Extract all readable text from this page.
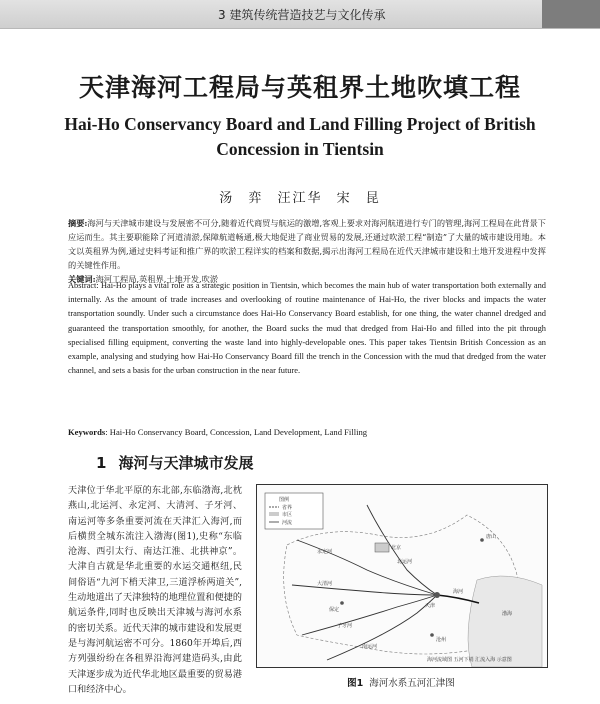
3 建筑传统营造技艺与文化传承
天津海河工程局与英租界土地吹填工程
Hai-Ho Conservancy Board and Land Filling Project of British Concession in Tientsin
汤 弈 汪江华 宋 昆

摘要:海河与天津城市建设与发展密不可分,随着近代商贸与航运的激增,客观上要求对海河航道进行专门的管理,海河工程局在此背景下应运而生。其主要职能除了河道清淤,保障航道畅通,极大地促进了商业贸易的发展,还通过吹淤工程“制造”了大量的城市建设用地。本文以英租界为例,通过史料考证和推广界的吹淤工程详实的档案和数据,揭示出海河工程局在近代天津城市建设和土地开发进程中发挥的关键性作用。
关键词:海河工程局,英租界,土地开发,吹淤

Abstract: Hai-Ho plays a vital role as a strategic position in Tientsin, which becomes the main hub of water transportation both externally and internally. As the amount of trade increases and overlooking of routine maintenance of Hai-Ho, the river blocks and impacts the water transportation soundly. Under such a circumstance does Hai-Ho Conservancy Board establish, for one thing, the water channel dredged and guaranteed the transportation smoothly, for another, the Board sucks the mud that dredged from Hai-Ho and filled into the pit through specialised filling equipment, converting the waste land into highly-developable ones. This paper takes Tientsin British Concession as an example, analysing and studying how Hai-Ho Conservancy Board fill the trench in the Concession with the mud that dredged from the water channel, and sets a basis for the urban construction in the near future.

Keywords: Hai-Ho Conservancy Board, Concession, Land Development, Land Filling

1 海河与天津城市发展

天津位于华北平原的东北部,东临渤海,北枕燕山,北运河、永定河、大清河、子牙河、南运河等多条重要河流在天津汇入海河,而后横贯全城东流注入渤海(图1),史称“东临沧海、西引太行、南达江淮、北拱神京”。大津自古就是华北重要的水运交通枢纽,民间俗语“九河下梢天津卫,三道浮桥两道关”,生动地道出了天津独特的地理位置和便捷的航运条件,同时也反映出天津城与海河水系的密切关系。近代天津的城市建设和发展更是与海河航运密不可分。1860年开埠后,西方列强纷纷在各租界沿海河建造码头,由此天津逐步成为近代华北地区最重要的贸易港口和经济中心。

图例
省界
市区
河流
北京
天津
渤海
保定
沧州
唐山
北运河
永定河
大清河
子牙河
南运河
海河
海河流域图 五河下梢 汇流入海 示意图
图1 海河水系五河汇津图
